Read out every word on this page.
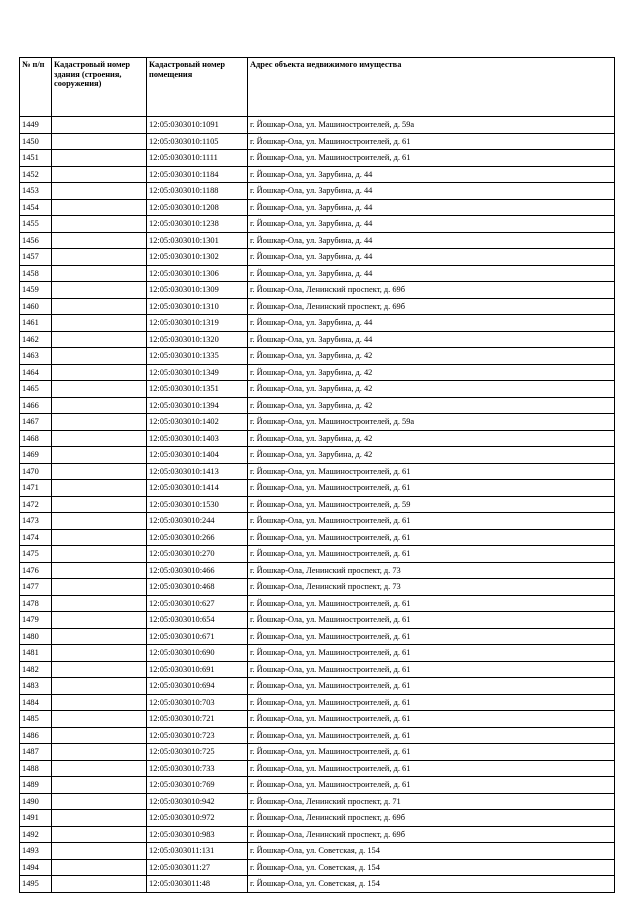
№ п/п	Кадастровый номер здания (строения, сооружения)	Кадастровый номер помещения	Адрес объекта недвижимого имущества
1449		12:05:0303010:1091	г. Йошкар-Ола, ул. Машиностроителей, д. 59а
1450		12:05:0303010:1105	г. Йошкар-Ола, ул. Машиностроителей, д. 61
1451		12:05:0303010:1111	г. Йошкар-Ола, ул. Машиностроителей, д. 61
1452		12:05:0303010:1184	г. Йошкар-Ола, ул. Зарубина, д. 44
1453		12:05:0303010:1188	г. Йошкар-Ола, ул. Зарубина, д. 44
1454		12:05:0303010:1208	г. Йошкар-Ола, ул. Зарубина, д. 44
1455		12:05:0303010:1238	г. Йошкар-Ола, ул. Зарубина, д. 44
1456		12:05:0303010:1301	г. Йошкар-Ола, ул. Зарубина, д. 44
1457		12:05:0303010:1302	г. Йошкар-Ола, ул. Зарубина, д. 44
1458		12:05:0303010:1306	г. Йошкар-Ола, ул. Зарубина, д. 44
1459		12:05:0303010:1309	г. Йошкар-Ола, Ленинский проспект, д. 69б
1460		12:05:0303010:1310	г. Йошкар-Ола, Ленинский проспект, д. 69б
1461		12:05:0303010:1319	г. Йошкар-Ола, ул. Зарубина, д. 44
1462		12:05:0303010:1320	г. Йошкар-Ола, ул. Зарубина, д. 44
1463		12:05:0303010:1335	г. Йошкар-Ола, ул. Зарубина, д. 42
1464		12:05:0303010:1349	г. Йошкар-Ола, ул. Зарубина, д. 42
1465		12:05:0303010:1351	г. Йошкар-Ола, ул. Зарубина, д. 42
1466		12:05:0303010:1394	г. Йошкар-Ола, ул. Зарубина, д. 42
1467		12:05:0303010:1402	г. Йошкар-Ола, ул. Машиностроителей, д. 59а
1468		12:05:0303010:1403	г. Йошкар-Ола, ул. Зарубина, д. 42
1469		12:05:0303010:1404	г. Йошкар-Ола, ул. Зарубина, д. 42
1470		12:05:0303010:1413	г. Йошкар-Ола, ул. Машиностроителей, д. 61
1471		12:05:0303010:1414	г. Йошкар-Ола, ул. Машиностроителей, д. 61
1472		12:05:0303010:1530	г. Йошкар-Ола, ул. Машиностроителей, д. 59
1473		12:05:0303010:244	г. Йошкар-Ола, ул. Машиностроителей, д. 61
1474		12:05:0303010:266	г. Йошкар-Ола, ул. Машиностроителей, д. 61
1475		12:05:0303010:270	г. Йошкар-Ола, ул. Машиностроителей, д. 61
1476		12:05:0303010:466	г. Йошкар-Ола, Ленинский проспект, д. 73
1477		12:05:0303010:468	г. Йошкар-Ола, Ленинский проспект, д. 73
1478		12:05:0303010:627	г. Йошкар-Ола, ул. Машиностроителей, д. 61
1479		12:05:0303010:654	г. Йошкар-Ола, ул. Машиностроителей, д. 61
1480		12:05:0303010:671	г. Йошкар-Ола, ул. Машиностроителей, д. 61
1481		12:05:0303010:690	г. Йошкар-Ола, ул. Машиностроителей, д. 61
1482		12:05:0303010:691	г. Йошкар-Ола, ул. Машиностроителей, д. 61
1483		12:05:0303010:694	г. Йошкар-Ола, ул. Машиностроителей, д. 61
1484		12:05:0303010:703	г. Йошкар-Ола, ул. Машиностроителей, д. 61
1485		12:05:0303010:721	г. Йошкар-Ола, ул. Машиностроителей, д. 61
1486		12:05:0303010:723	г. Йошкар-Ола, ул. Машиностроителей, д. 61
1487		12:05:0303010:725	г. Йошкар-Ола, ул. Машиностроителей, д. 61
1488		12:05:0303010:733	г. Йошкар-Ола, ул. Машиностроителей, д. 61
1489		12:05:0303010:769	г. Йошкар-Ола, ул. Машиностроителей, д. 61
1490		12:05:0303010:942	г. Йошкар-Ола, Ленинский проспект, д. 71
1491		12:05:0303010:972	г. Йошкар-Ола, Ленинский проспект, д. 69б
1492		12:05:0303010:983	г. Йошкар-Ола, Ленинский проспект, д. 69б
1493		12:05:0303011:131	г. Йошкар-Ола, ул. Советская, д. 154
1494		12:05:0303011:27	г. Йошкар-Ола, ул. Советская, д. 154
1495		12:05:0303011:48	г. Йошкар-Ола, ул. Советская, д. 154
